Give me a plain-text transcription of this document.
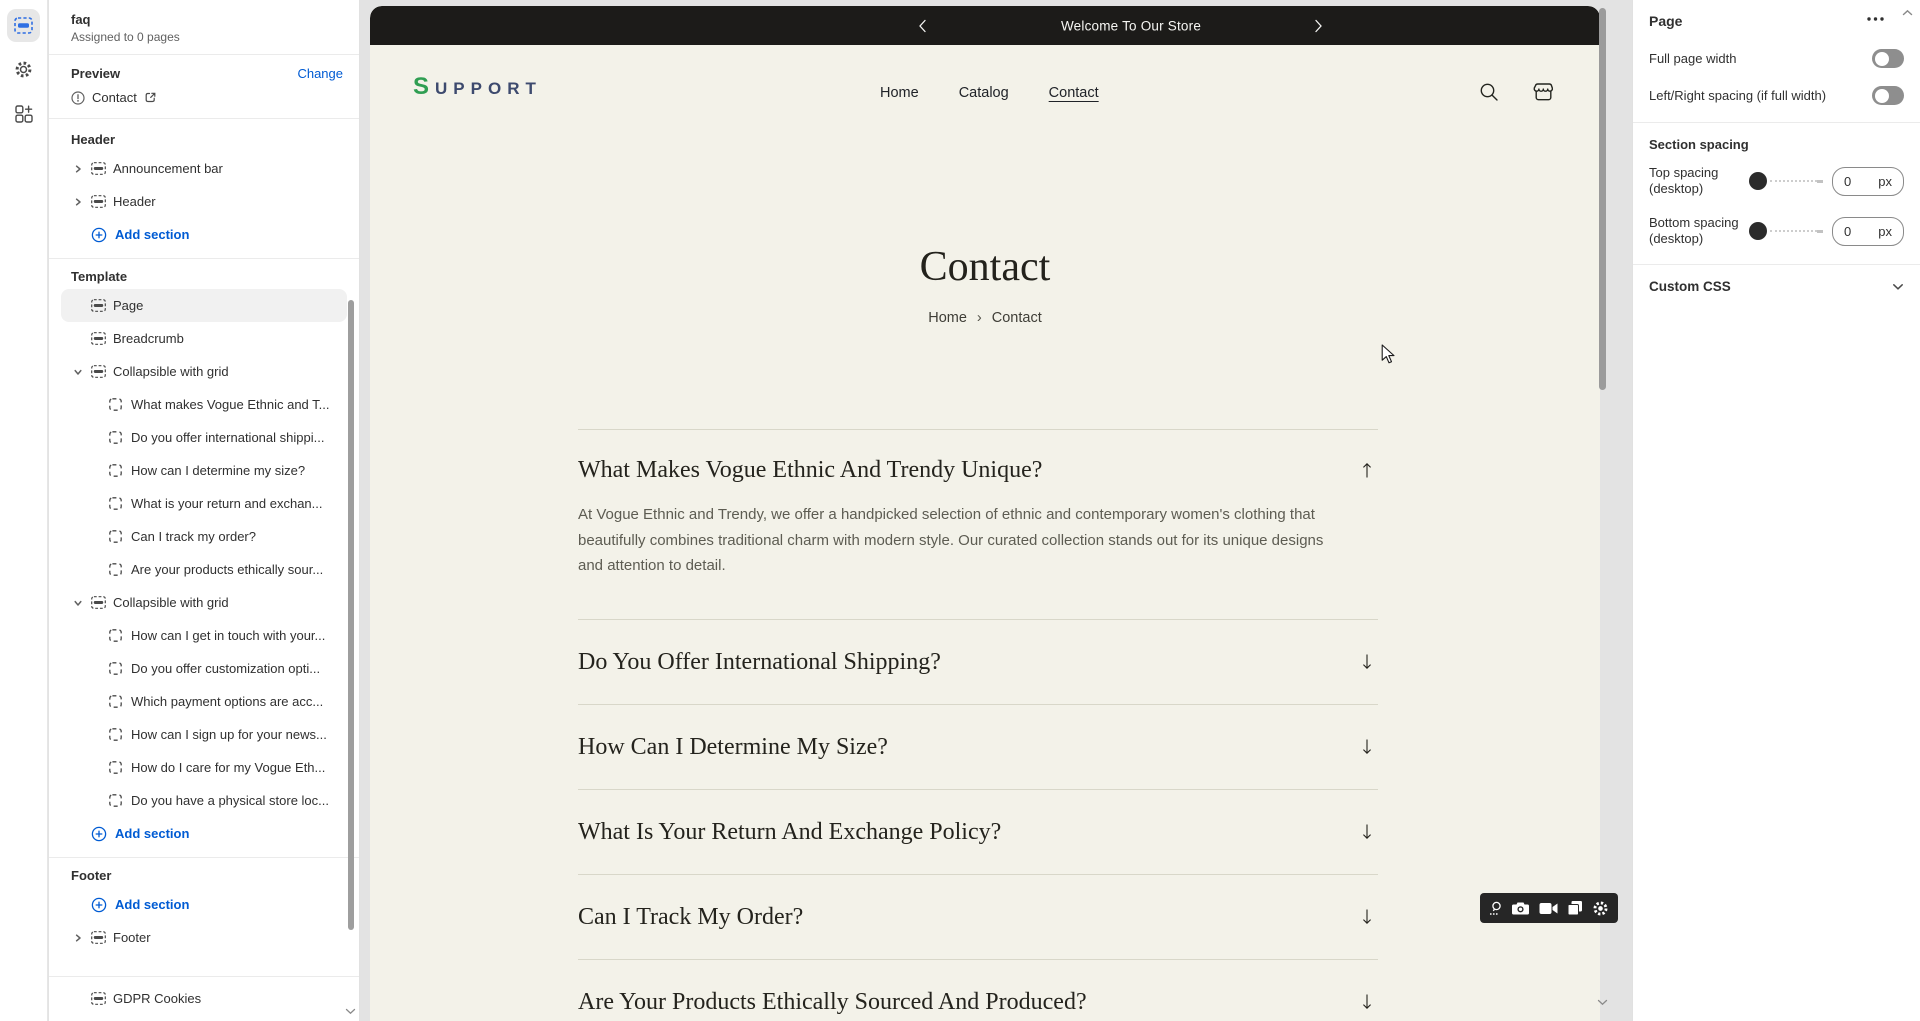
faq
Assigned to 0 pages
Preview	Change
Contact
Header
Announcement bar
Header
Add section
Template
Page
Breadcrumb
Collapsible with grid
What makes Vogue Ethnic and T...
Do you offer international shippi...
How can I determine my size?
What is your return and exchan...
Can I track my order?
Are your products ethically sour...
Collapsible with grid
How can I get in touch with your...
Do you offer customization opti...
Which payment options are acc...
How can I sign up for your news...
How do I care for my Vogue Eth...
Do you have a physical store loc...
Add section
Footer
Add section
Footer
GDPR Cookies
Welcome To Our Store
SUPPORT	Home	Catalog	Contact
Contact
Home › Contact
What Makes Vogue Ethnic And Trendy Unique?
At Vogue Ethnic and Trendy, we offer a handpicked selection of ethnic and contemporary women's clothing that beautifully combines traditional charm with modern style. Our curated collection stands out for its unique designs and attention to detail.
Do You Offer International Shipping?
How Can I Determine My Size?
What Is Your Return And Exchange Policy?
Can I Track My Order?
Are Your Products Ethically Sourced And Produced?
Page
Full page width
Left/Right spacing (if full width)
Section spacing
Top spacing (desktop)	0 px
Bottom spacing (desktop)	0 px
Custom CSS
